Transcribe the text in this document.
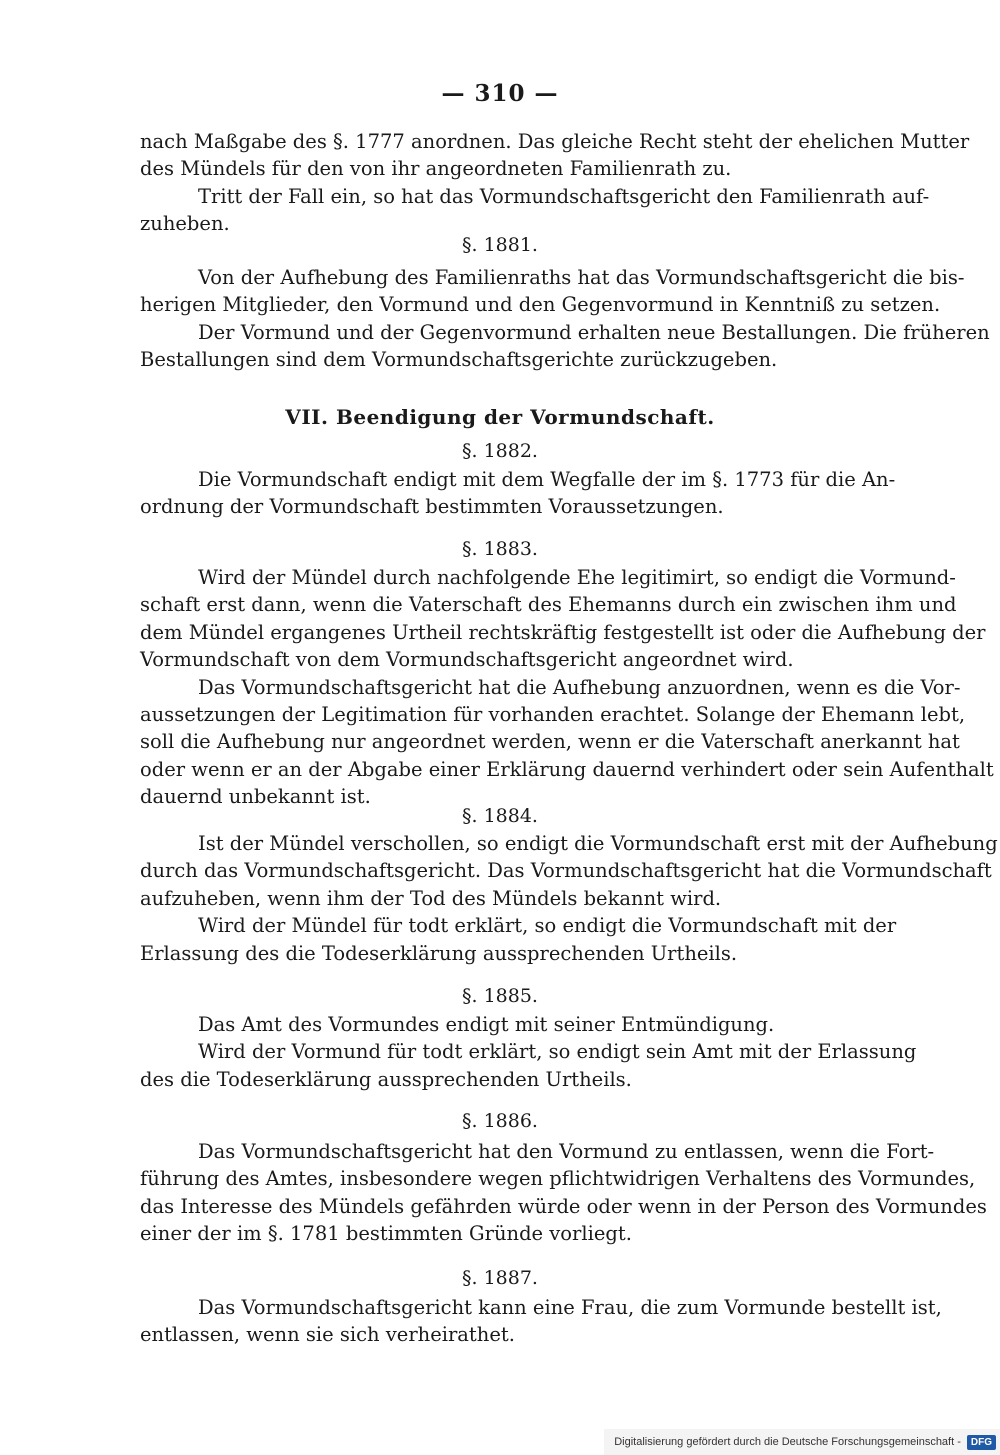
— 310 —
nach Maßgabe des §. 1777 anordnen. Das gleiche Recht steht der ehelichen Mutter
des Mündels für den von ihr angeordneten Familienrath zu.
Tritt der Fall ein, so hat das Vormundschaftsgericht den Familienrath auf-
zuheben.
§. 1881.
Von der Aufhebung des Familienraths hat das Vormundschaftsgericht die bis-
herigen Mitglieder, den Vormund und den Gegenvormund in Kenntniß zu setzen.
Der Vormund und der Gegenvormund erhalten neue Bestallungen. Die früheren
Bestallungen sind dem Vormundschaftsgerichte zurückzugeben.
VII. Beendigung der Vormundschaft.
§. 1882.
Die Vormundschaft endigt mit dem Wegfalle der im §. 1773 für die An-
ordnung der Vormundschaft bestimmten Voraussetzungen.
§. 1883.
Wird der Mündel durch nachfolgende Ehe legitimirt, so endigt die Vormund-
schaft erst dann, wenn die Vaterschaft des Ehemanns durch ein zwischen ihm und
dem Mündel ergangenes Urtheil rechtskräftig festgestellt ist oder die Aufhebung der
Vormundschaft von dem Vormundschaftsgericht angeordnet wird.
Das Vormundschaftsgericht hat die Aufhebung anzuordnen, wenn es die Vor-
aussetzungen der Legitimation für vorhanden erachtet. Solange der Ehemann lebt,
soll die Aufhebung nur angeordnet werden, wenn er die Vaterschaft anerkannt hat
oder wenn er an der Abgabe einer Erklärung dauernd verhindert oder sein Aufenthalt
dauernd unbekannt ist.
§. 1884.
Ist der Mündel verschollen, so endigt die Vormundschaft erst mit der Aufhebung
durch das Vormundschaftsgericht. Das Vormundschaftsgericht hat die Vormundschaft
aufzuheben, wenn ihm der Tod des Mündels bekannt wird.
Wird der Mündel für todt erklärt, so endigt die Vormundschaft mit der
Erlassung des die Todeserklärung aussprechenden Urtheils.
§. 1885.
Das Amt des Vormundes endigt mit seiner Entmündigung.
Wird der Vormund für todt erklärt, so endigt sein Amt mit der Erlassung
des die Todeserklärung aussprechenden Urtheils.
§. 1886.
Das Vormundschaftsgericht hat den Vormund zu entlassen, wenn die Fort-
führung des Amtes, insbesondere wegen pflichtwidrigen Verhaltens des Vormundes,
das Interesse des Mündels gefährden würde oder wenn in der Person des Vormundes
einer der im §. 1781 bestimmten Gründe vorliegt.
§. 1887.
Das Vormundschaftsgericht kann eine Frau, die zum Vormunde bestellt ist,
entlassen, wenn sie sich verheirathet.
Digitalisierung gefördert durch die Deutsche Forschungsgemeinschaft -	DFG
